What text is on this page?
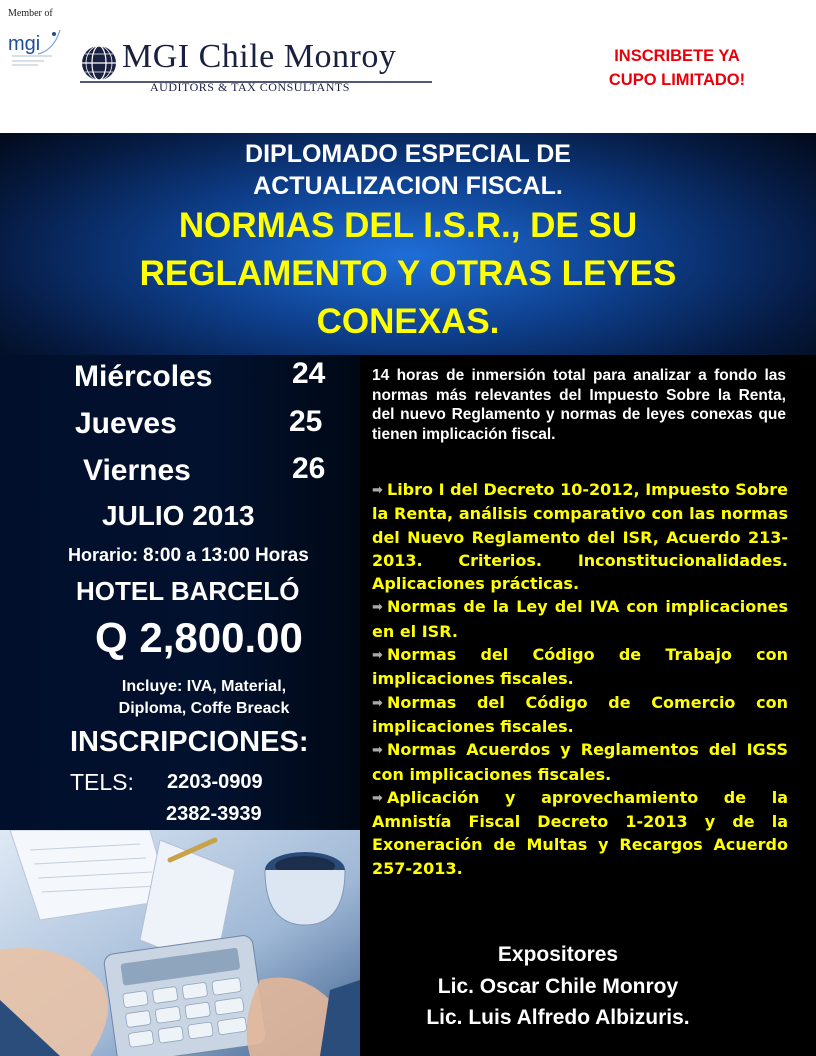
Member of
mgi MGI Chile Monroy
AUDITORS & TAX CONSULTANTS
INSCRIBETE YA
CUPO LIMITADO!
DIPLOMADO ESPECIAL DE
ACTUALIZACION FISCAL.
NORMAS DEL I.S.R., DE SU
REGLAMENTO Y OTRAS LEYES
CONEXAS.
Miércoles	24
Jueves	25
Viernes	26
JULIO 2013
Horario: 8:00 a 13:00 Horas
HOTEL BARCELÓ
Q 2,800.00
Incluye: IVA, Material,
Diploma, Coffe Breack
INSCRIPCIONES:
TELS: 2203-0909
2382-3939
14 horas de inmersión total para analizar a fondo las normas más relevantes del Impuesto Sobre la Renta, del nuevo Reglamento y normas de leyes conexas que tienen implicación fiscal.
➡ Libro I del Decreto 10-2012, Impuesto Sobre la Renta, análisis comparativo con las normas del Nuevo Reglamento del ISR, Acuerdo 213-2013. Criterios. Inconstitucionalidades. Aplicaciones prácticas.
➡ Normas de la Ley del IVA con implicaciones en el ISR.
➡ Normas del Código de Trabajo con implicaciones fiscales.
➡ Normas del Código de Comercio con implicaciones fiscales.
➡ Normas Acuerdos y Reglamentos del IGSS con implicaciones fiscales.
➡ Aplicación y aprovechamiento de la Amnistía Fiscal Decreto 1-2013 y de la Exoneración de Multas y Recargos Acuerdo 257-2013.
Expositores
Lic. Oscar Chile Monroy
Lic. Luis Alfredo Albizuris.
